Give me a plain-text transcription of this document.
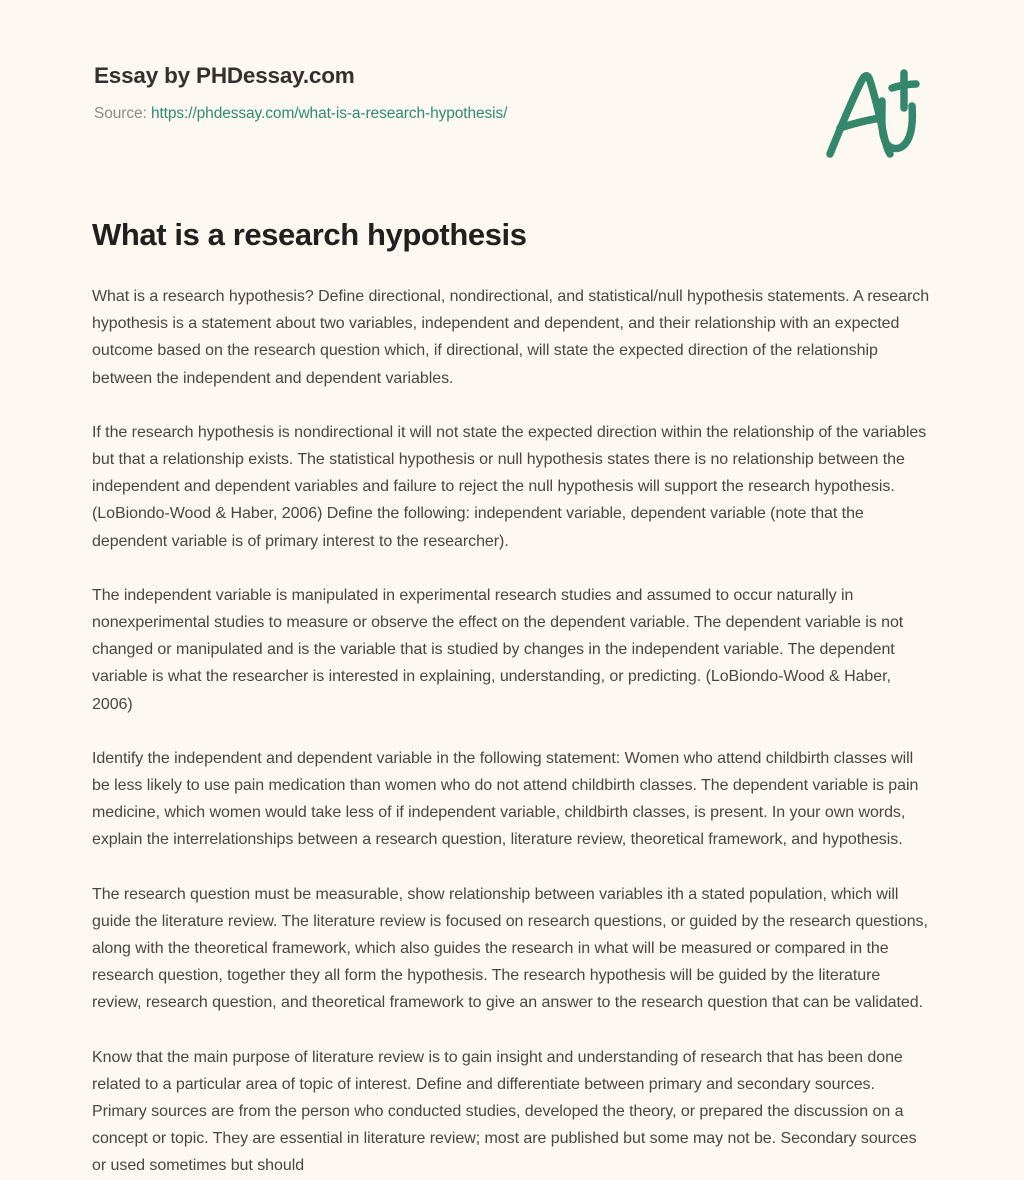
Essay by PHDessay.com
Source: https://phdessay.com/what-is-a-research-hypothesis/
What is a research hypothesis

What is a research hypothesis? Define directional, nondirectional, and statistical/null hypothesis statements. A research hypothesis is a statement about two variables, independent and dependent, and their relationship with an expected outcome based on the research question which, if directional, will state the expected direction of the relationship between the independent and dependent variables.

If the research hypothesis is nondirectional it will not state the expected direction within the relationship of the variables but that a relationship exists. The statistical hypothesis or null hypothesis states there is no relationship between the independent and dependent variables and failure to reject the null hypothesis will support the research hypothesis. (LoBiondo-Wood & Haber, 2006) Define the following: independent variable, dependent variable (note that the dependent variable is of primary interest to the researcher).

The independent variable is manipulated in experimental research studies and assumed to occur naturally in nonexperimental studies to measure or observe the effect on the dependent variable. The dependent variable is not changed or manipulated and is the variable that is studied by changes in the independent variable. The dependent variable is what the researcher is interested in explaining, understanding, or predicting. (LoBiondo-Wood & Haber, 2006)

Identify the independent and dependent variable in the following statement: Women who attend childbirth classes will be less likely to use pain medication than women who do not attend childbirth classes. The dependent variable is pain medicine, which women would take less of if independent variable, childbirth classes, is present. In your own words, explain the interrelationships between a research question, literature review, theoretical framework, and hypothesis.

The research question must be measurable, show relationship between variables ith a stated population, which will guide the literature review. The literature review is focused on research questions, or guided by the research questions, along with the theoretical framework, which also guides the research in what will be measured or compared in the research question, together they all form the hypothesis. The research hypothesis will be guided by the literature review, research question, and theoretical framework to give an answer to the research question that can be validated.

Know that the main purpose of literature review is to gain insight and understanding of research that has been done related to a particular area of topic of interest. Define and differentiate between primary and secondary sources. Primary sources are from the person who conducted studies, developed the theory, or prepared the discussion on a concept or topic. They are essential in literature review; most are published but some may not be. Secondary sources or used sometimes but should
